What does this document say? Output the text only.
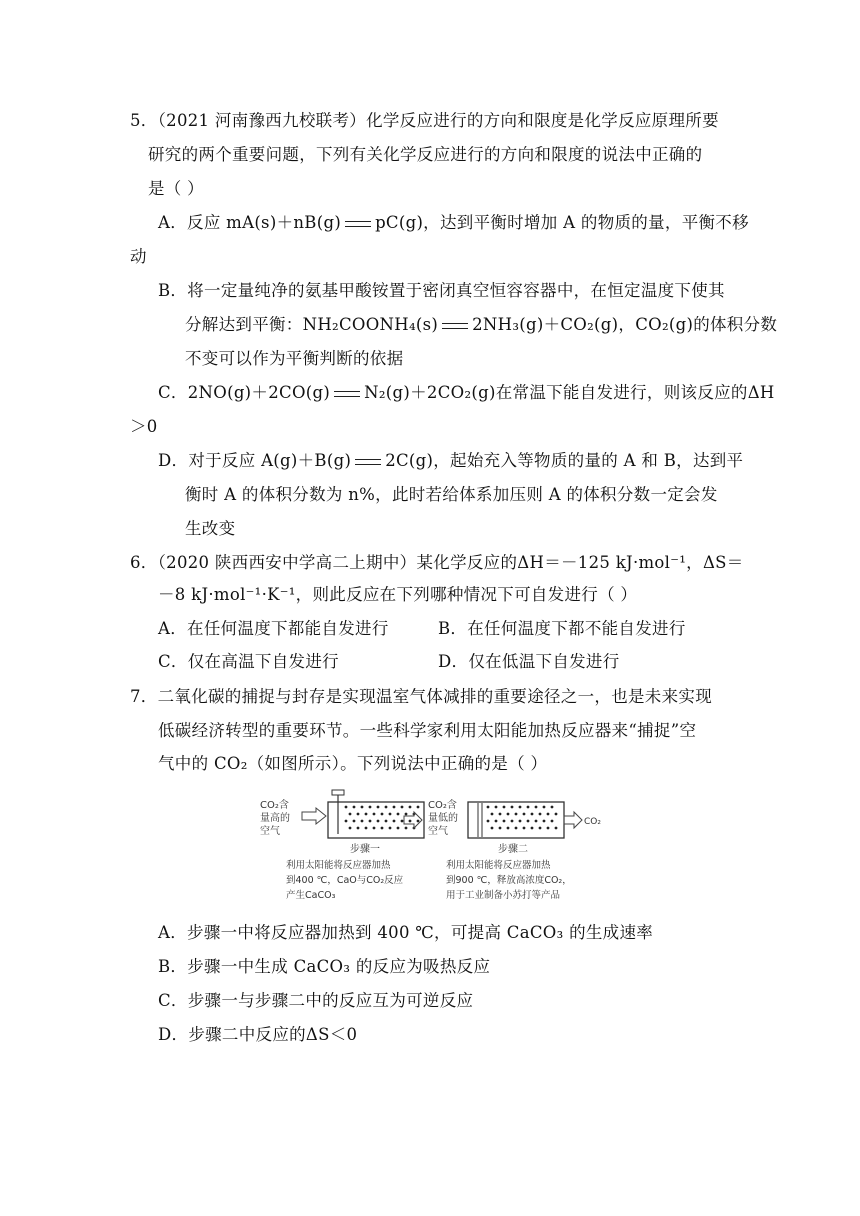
5．（2021 河南豫西九校联考）化学反应进行的方向和限度是化学反应原理所要
研究的两个重要问题，下列有关化学反应进行的方向和限度的说法中正确的
是（ ）
A．反应 mA(s)＋nB(g) pC(g)，达到平衡时增加 A 的物质的量，平衡不移
动
B．将一定量纯净的氨基甲酸铵置于密闭真空恒容容器中，在恒定温度下使其
分解达到平衡：NH₂COONH₄(s) 2NH₃(g)＋CO₂(g)，CO₂(g)的体积分数
不变可以作为平衡判断的依据
C．2NO(g)＋2CO(g) N₂(g)＋2CO₂(g)在常温下能自发进行，则该反应的ΔH
＞0
D．对于反应 A(g)＋B(g) 2C(g)，起始充入等物质的量的 A 和 B，达到平
衡时 A 的体积分数为 n%，此时若给体系加压则 A 的体积分数一定会发
生改变
6．（2020 陕西西安中学高二上期中）某化学反应的ΔH＝－125 kJ·mol⁻¹，ΔS＝
－8 kJ·mol⁻¹·K⁻¹，则此反应在下列哪种情况下可自发进行（ ）
A．在任何温度下都能自发进行	B．在任何温度下都不能自发进行
C．仅在高温下自发进行	D．仅在低温下自发进行
7．二氧化碳的捕捉与封存是实现温室气体减排的重要途径之一，也是未来实现
低碳经济转型的重要环节。一些科学家利用太阳能加热反应器来“捕捉”空
气中的 CO₂（如图所示）。下列说法中正确的是（ ）
CO₂含
量高的
空气
CO₂含
量低的
空气
CO₂
步骤一	步骤二
利用太阳能将反应器加热
到400 ℃，CaO与CO₂反应
产生CaCO₃
利用太阳能将反应器加热
到900 ℃，释放高浓度CO₂，
用于工业制备小苏打等产品
A．步骤一中将反应器加热到 400 ℃，可提高 CaCO₃ 的生成速率
B．步骤一中生成 CaCO₃ 的反应为吸热反应
C．步骤一与步骤二中的反应互为可逆反应
D．步骤二中反应的ΔS＜0
